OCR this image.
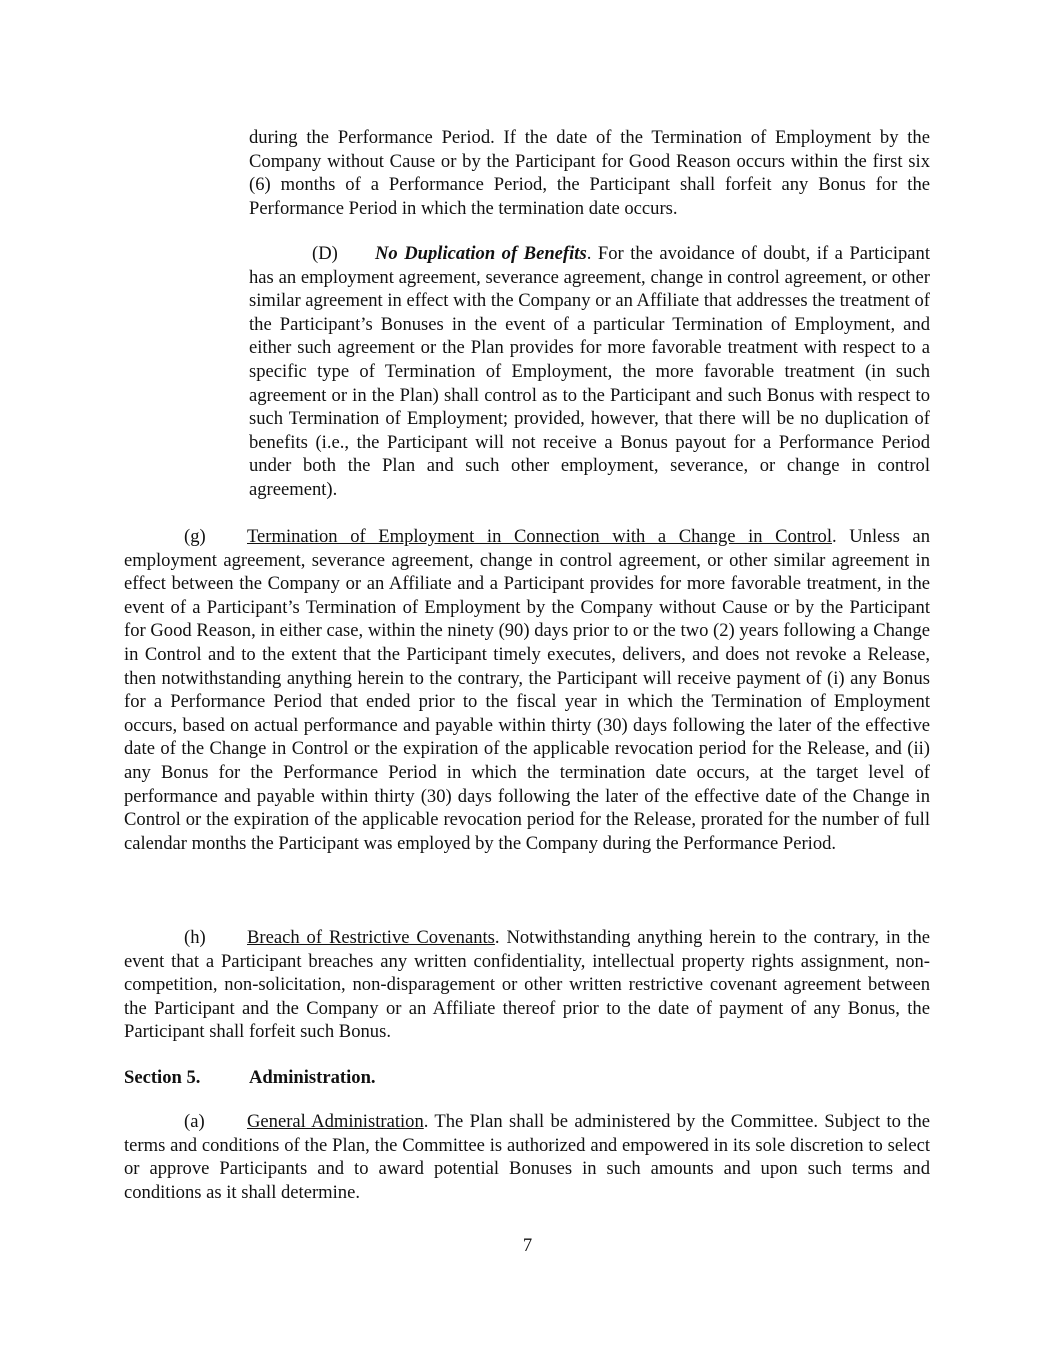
during the Performance Period. If the date of the Termination of Employment by the Company without Cause or by the Participant for Good Reason occurs within the first six (6) months of a Performance Period, the Participant shall forfeit any Bonus for the Performance Period in which the termination date occurs.

(D) No Duplication of Benefits. For the avoidance of doubt, if a Participant has an employment agreement, severance agreement, change in control agreement, or other similar agreement in effect with the Company or an Affiliate that addresses the treatment of the Participant’s Bonuses in the event of a particular Termination of Employment, and either such agreement or the Plan provides for more favorable treatment with respect to a specific type of Termination of Employment, the more favorable treatment (in such agreement or in the Plan) shall control as to the Participant and such Bonus with respect to such Termination of Employment; provided, however, that there will be no duplication of benefits (i.e., the Participant will not receive a Bonus payout for a Performance Period under both the Plan and such other employment, severance, or change in control agreement).

(g) Termination of Employment in Connection with a Change in Control. Unless an employment agreement, severance agreement, change in control agreement, or other similar agreement in effect between the Company or an Affiliate and a Participant provides for more favorable treatment, in the event of a Participant’s Termination of Employment by the Company without Cause or by the Participant for Good Reason, in either case, within the ninety (90) days prior to or the two (2) years following a Change in Control and to the extent that the Participant timely executes, delivers, and does not revoke a Release, then notwithstanding anything herein to the contrary, the Participant will receive payment of (i) any Bonus for a Performance Period that ended prior to the fiscal year in which the Termination of Employment occurs, based on actual performance and payable within thirty (30) days following the later of the effective date of the Change in Control or the expiration of the applicable revocation period for the Release, and (ii) any Bonus for the Performance Period in which the termination date occurs, at the target level of performance and payable within thirty (30) days following the later of the effective date of the Change in Control or the expiration of the applicable revocation period for the Release, prorated for the number of full calendar months the Participant was employed by the Company during the Performance Period.

(h) Breach of Restrictive Covenants. Notwithstanding anything herein to the contrary, in the event that a Participant breaches any written confidentiality, intellectual property rights assignment, non-competition, non-solicitation, non-disparagement or other written restrictive covenant agreement between the Participant and the Company or an Affiliate thereof prior to the date of payment of any Bonus, the Participant shall forfeit such Bonus.

Section 5.	Administration.

(a) General Administration. The Plan shall be administered by the Committee. Subject to the terms and conditions of the Plan, the Committee is authorized and empowered in its sole discretion to select or approve Participants and to award potential Bonuses in such amounts and upon such terms and conditions as it shall determine.

7
